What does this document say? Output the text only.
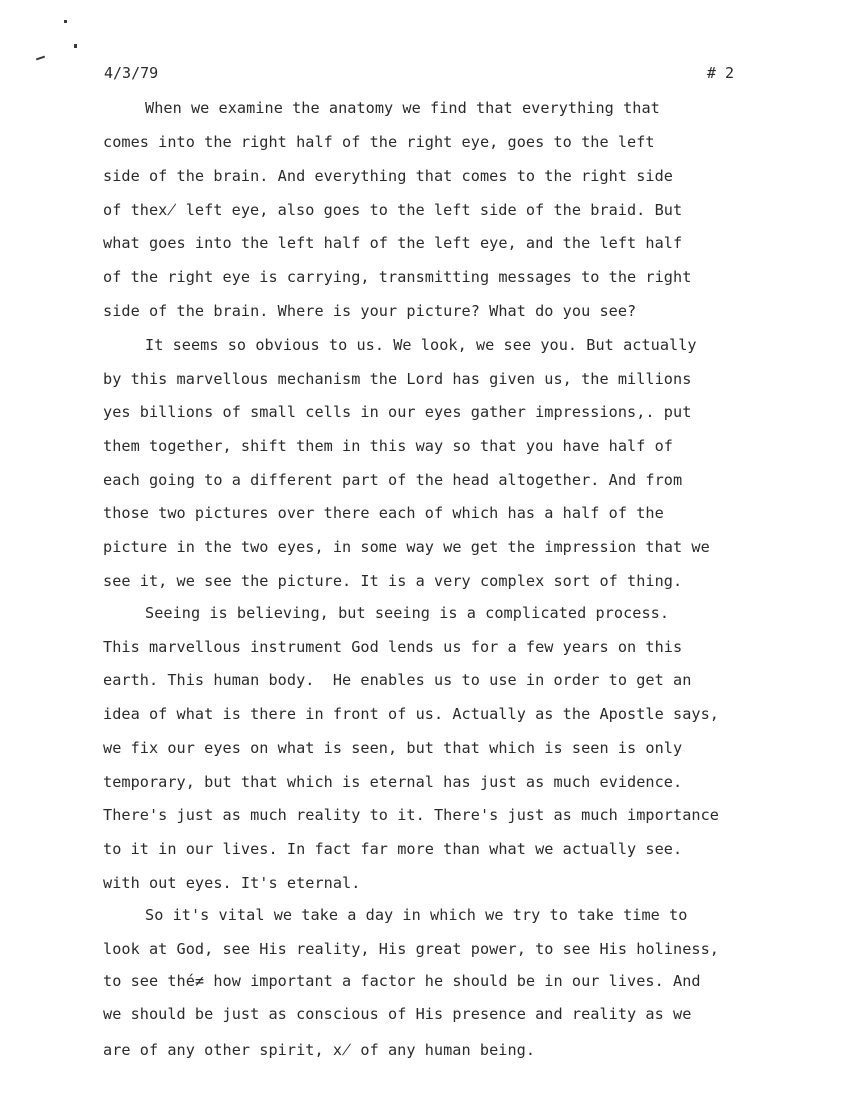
4/3/79	# 2
When we examine the anatomy we find that everything that
comes into the right half of the right eye, goes to the left
side of the brain. And everything that comes to the right side
of thex̸ left eye, also goes to the left side of the braid. But
what goes into the left half of the left eye, and the left half
of the right eye is carrying, transmitting messages to the right
side of the brain. Where is your picture? What do you see?
It seems so obvious to us. We look, we see you. But actually
by this marvellous mechanism the Lord has given us, the millions
yes billions of small cells in our eyes gather impressions,. put
them together, shift them in this way so that you have half of
each going to a different part of the head altogether. And from
those two pictures over there each of which has a half of the
picture in the two eyes, in some way we get the impression that we
see it, we see the picture. It is a very complex sort of thing.
Seeing is believing, but seeing is a complicated process.
This marvellous instrument God lends us for a few years on this
earth. This human body.  He enables us to use in order to get an
idea of what is there in front of us. Actually as the Apostle says,
we fix our eyes on what is seen, but that which is seen is only
temporary, but that which is eternal has just as much evidence.
There's just as much reality to it. There's just as much importance
to it in our lives. In fact far more than what we actually see.
with out eyes. It's eternal.
So it's vital we take a day in which we try to take time to
look at God, see His reality, His great power, to see His holiness,
to see thé≠ how important a factor he should be in our lives. And
we should be just as conscious of His presence and reality as we
are of any other spirit, x̸ of any human being.
